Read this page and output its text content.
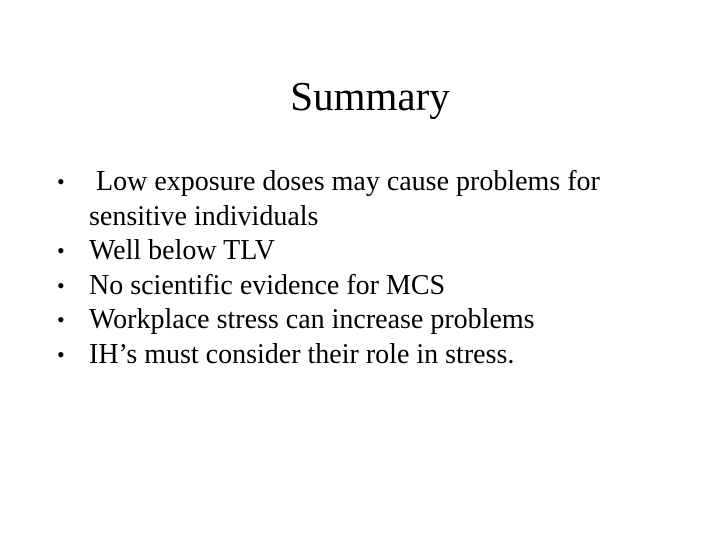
Summary
• Low exposure doses may cause problems for sensitive individuals
• Well below TLV
• No scientific evidence for MCS
• Workplace stress can increase problems
• IH’s must consider their role in stress.
